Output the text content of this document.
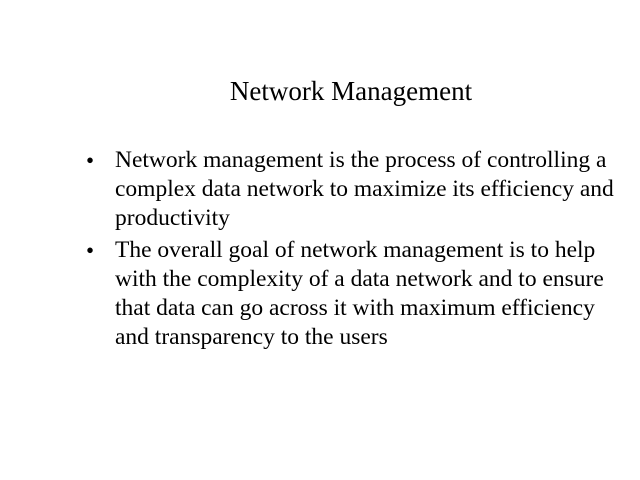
Network Management
• Network management is the process of controlling a complex data network to maximize its efficiency and productivity
• The overall goal of network management is to help with the complexity of a data network and to ensure that data can go across it with maximum efficiency and transparency to the users
